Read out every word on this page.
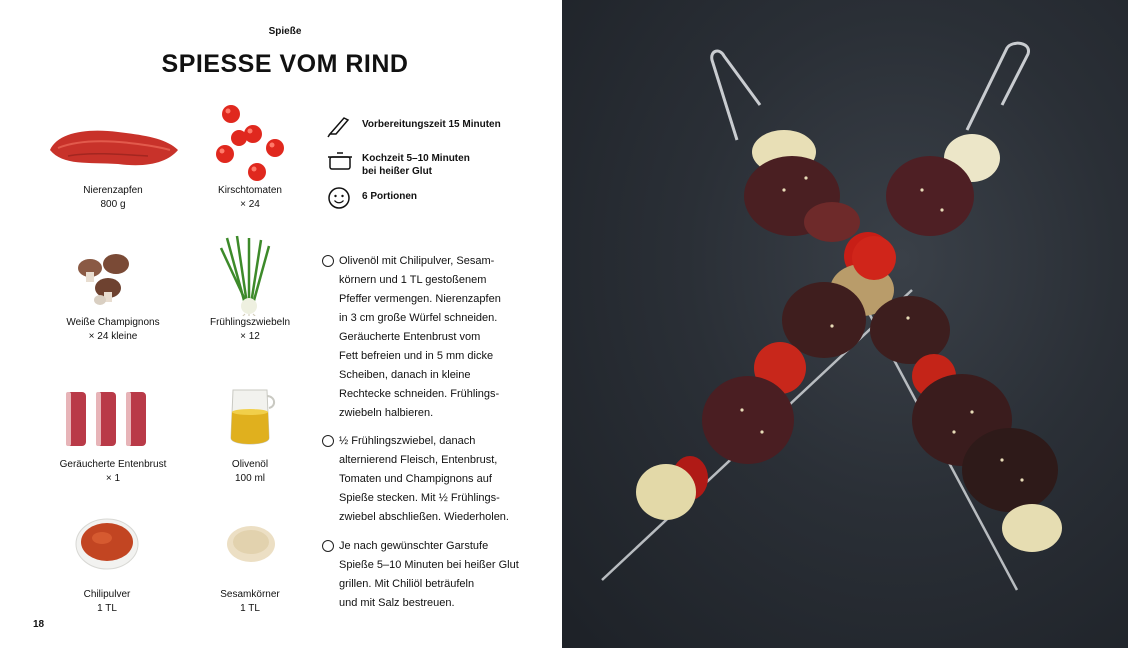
Spieße
SPIESSE VOM RIND
Nierenzapfen
800 g
Kirschtomaten
× 24
Weiße Champignons
× 24 kleine
Frühlingszwiebeln
× 12
Geräucherte Entenbrust
× 1
Olivenöl
100 ml
Chilipulver
1 TL
Sesamkörner
1 TL
Vorbereitungszeit 15 Minuten
Kochzeit 5–10 Minuten
bei heißer Glut
6 Portionen
Olivenöl mit Chilipulver, Sesam-
körnern und 1 TL gestoßenem
Pfeffer vermengen. Nierenzapfen
in 3 cm große Würfel schneiden.
Geräucherte Entenbrust vom
Fett befreien und in 5 mm dicke
Scheiben, danach in kleine
Rechtecke schneiden. Frühlings-
zwiebeln halbieren.
½ Frühlingszwiebel, danach
alternierend Fleisch, Entenbrust,
Tomaten und Champignons auf
Spieße stecken. Mit ½ Frühlings-
zwiebel abschließen. Wiederholen.
Je nach gewünschter Garstufe
Spieße 5–10 Minuten bei heißer Glut
grillen. Mit Chiliöl beträufeln
und mit Salz bestreuen.
18
